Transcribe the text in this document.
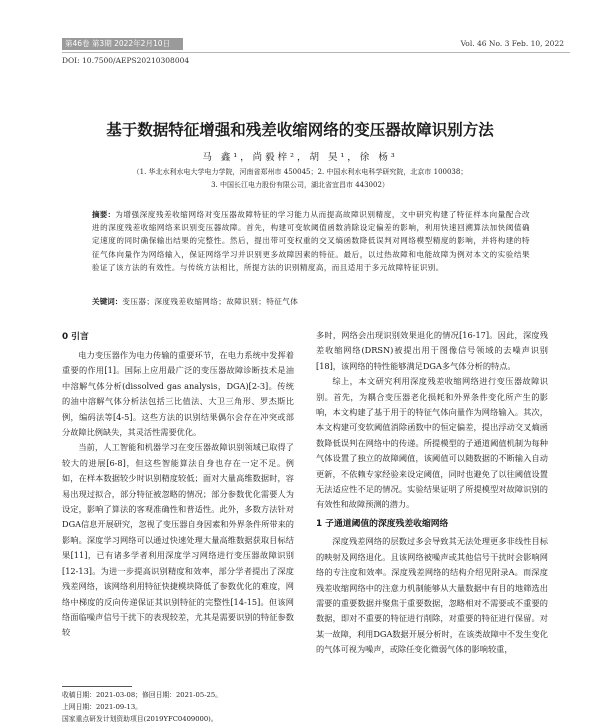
第46卷 第3期 2022年2月10日	Vol. 46 No. 3 Feb. 10, 2022
DOI: 10.7500/AEPS20210308004
基于数据特征增强和残差收缩网络的变压器故障识别方法
马 鑫¹，尚毅梓²，胡 昊¹，徐 杨³
（1. 华北水利水电大学电力学院，河南省郑州市 450045；2. 中国水利水电科学研究院，北京市 100038；
3. 中国长江电力股份有限公司，湖北省宜昌市 443002）
摘要：为增强深度残差收缩网络对变压器故障特征的学习能力从而提高故障识别精度，文中研究构建了特征样本向量配合改进的深度残差收缩网络来识别变压器故障。首先，构建可变软阈值函数消除设定偏差的影响，利用快速回溯算法加快阈值确定速度的同时确保输出结果的完整性。然后，提出带可变权重的交叉熵函数降低误判对网络模型精度的影响，并将构建的特征气体向量作为网络输入，保证网络学习并识别更多故障因素的特征。最后，以过热故障和电能故障为例对本文的实验结果验证了该方法的有效性。与传统方法相比，所提方法的识别精度高，而且适用于多元故障特征识别。
关键词：变压器；深度残差收缩网络；故障识别；特征气体
0 引言

电力变压器作为电力传输的重要环节，在电力系统中发挥着重要的作用[1]。国际上应用最广泛的变压器故障诊断技术是油中溶解气体分析(dissolved gas analysis，DGA)[2-3]。传统的油中溶解气体分析法包括三比值法、大卫三角形、罗杰斯比例，编码法等[4-5]。这些方法的识别结果偶尔会存在冲突或部分故障比例缺失，其灵活性需要优化。

当前，人工智能和机器学习在变压器故障识别领域已取得了较大的进展[6-8]，但这些智能算法自身也存在一定不足。例如，在样本数据较少时识别精度较低；面对大量高维数据时，容易出现过拟合，部分特征被忽略的情况；部分参数优化需要人为设定，影响了算法的客观准确性和普适性。此外，多数方法针对DGA信息开展研究，忽视了变压器自身因素和外界条件所带来的影响。深度学习网络可以通过快速处理大量高维数据获取目标结果[11]，已有诸多学者利用深度学习网络进行变压器故障识别[12-13]。为进一步提高识别精度和效率，部分学者提出了深度残差网络，该网络利用特征快捷模块降低了参数优化的难度，网络中梯度的反向传递保证其识别特征的完整性[14-15]。但该网络面临噪声信号干扰下的表现较差，尤其是需要识别的特征参数较

多时，网络会出现识别效果退化的情况[16-17]。因此，深度残差收缩网络(DRSN)被提出用于图像信号领域的去噪声识别[18]，该网络的特性能够满足DGA多气体分析的特点。

综上，本文研究利用深度残差收缩网络进行变压器故障识别。首先，为耦合变压器老化损耗和外界条件变化所产生的影响，本文构建了基于用于的特征气体向量作为网络输入。其次，本文构建可变软阈值消除函数中的恒定偏差，提出浮动交叉熵函数降低误判在网络中的传递。所提模型的子通道阈值机制为每种气体设置了独立的故障阈值，该阈值可以随数据的不断输入自动更新，不依赖专家经验来设定阈值，同时也避免了以往阈值设置无法适应性不足的情况。实验结果证明了所提模型对故障识别的有效性和故障预测的潜力。

1 子通道阈值的深度残差收缩网络

深度残差网络的层数过多会导致其无法处理更多非线性目标的映射及网络退化。且该网络被噪声或其他信号干扰时会影响网络的专注度和效率。深度残差网络的结构介绍见附录A。而深度残差收缩网络中的注意力机制能够从大量数据中有目的地筛选出需要的重要数据并聚焦于重要数据，忽略相对不需要或不重要的数据，即对不重要的特征进行削除，对重要的特征进行保留。对某一故障，利用DGA数据开展分析时，在该类故障中不发生变化的气体可视为噪声，或除任变化微弱气体的影响较重，

收稿日期：2021-03-08；修回日期：2021-05-25。
上网日期：2021-09-13。
国家重点研发计划资助项目(2019YFC0409000)。
